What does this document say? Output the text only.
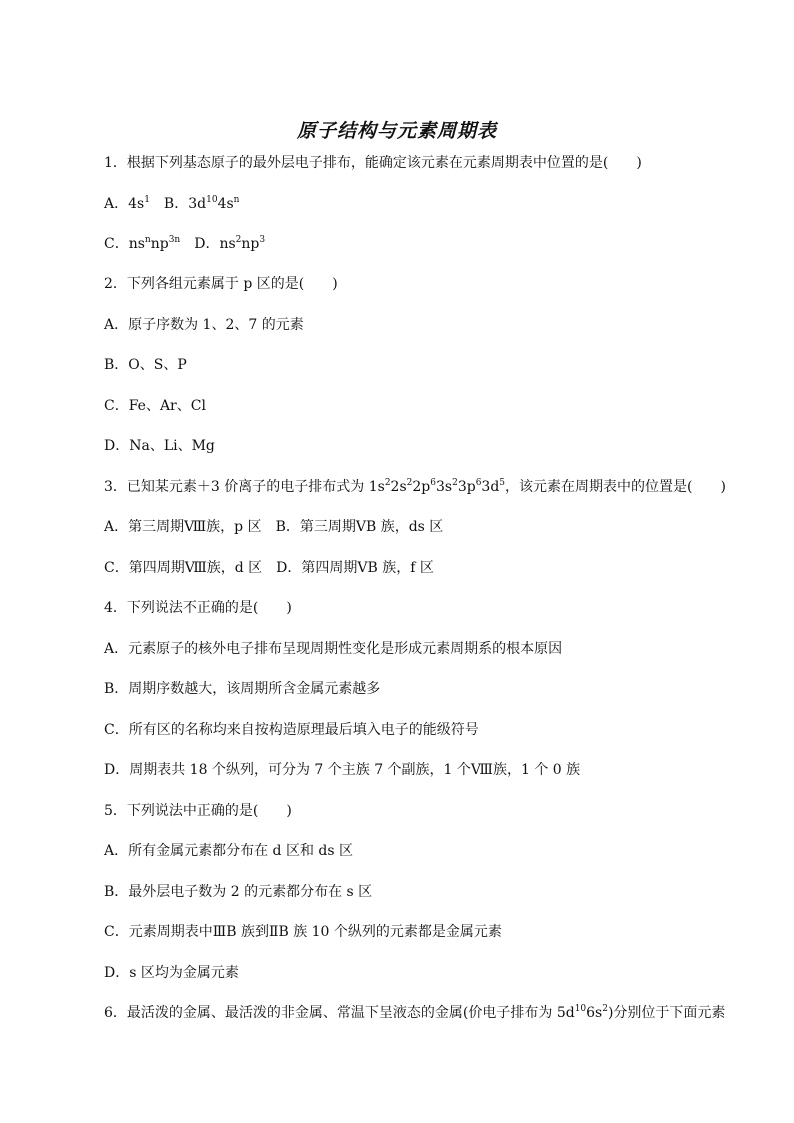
原子结构与元素周期表
1．根据下列基态原子的最外层电子排布，能确定该元素在元素周期表中位置的是(　　)
A．$4s^1$　B．$3d^{10}4s^n$
C．$ns^nnp^{3n}$　D．$ns^2np^3$
2．下列各组元素属于 p 区的是(　　)
A．原子序数为 1、2、7 的元素
B．O、S、P
C．Fe、Ar、Cl
D．Na、Li、Mg
3．已知某元素＋3 价离子的电子排布式为 $1s^22s^22p^63s^23p^63d^5$，该元素在周期表中的位置是(　　)
A．第三周期Ⅷ族，p 区　B．第三周期ⅤB 族，ds 区
C．第四周期Ⅷ族，d 区　D．第四周期ⅤB 族，f 区
4．下列说法不正确的是(　　)
A．元素原子的核外电子排布呈现周期性变化是形成元素周期系的根本原因
B．周期序数越大，该周期所含金属元素越多
C．所有区的名称均来自按构造原理最后填入电子的能级符号
D．周期表共 18 个纵列，可分为 7 个主族 7 个副族，1 个Ⅷ族，1 个 0 族
5．下列说法中正确的是(　　)
A．所有金属元素都分布在 d 区和 ds 区
B．最外层电子数为 2 的元素都分布在 s 区
C．元素周期表中ⅢB 族到ⅡB 族 10 个纵列的元素都是金属元素
D．s 区均为金属元素
6．最活泼的金属、最活泼的非金属、常温下呈液态的金属(价电子排布为 $5d^{10}6s^2$)分别位于下面元素
